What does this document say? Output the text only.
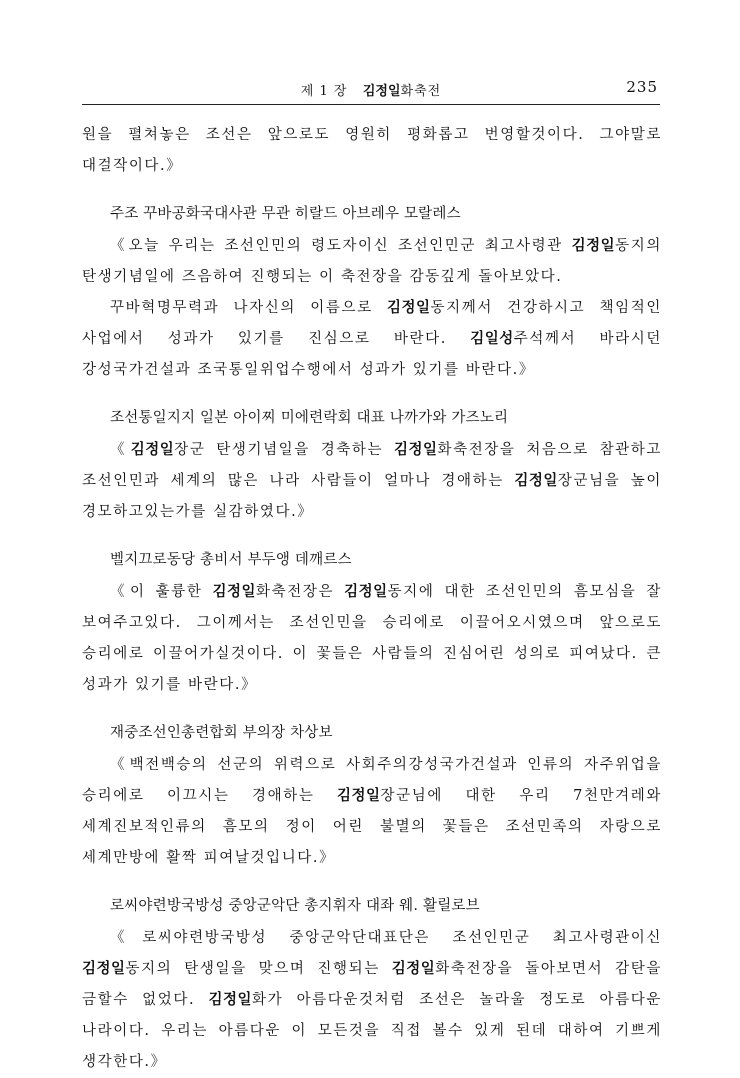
제 1 장 김정일화축전	235

원을 펼쳐놓은 조선은 앞으로도 영원히 평화롭고 번영할것이다. 그야말로 대걸작이다.》

주조 꾸바공화국대사관 무관 히랄드 아브레우 모랄레스

《오늘 우리는 조선인민의 령도자이신 조선인민군 최고사령관 김정일동지의 탄생기념일에 즈음하여 진행되는 이 축전장을 감동깊게 돌아보았다.

꾸바혁명무력과 나자신의 이름으로 김정일동지께서 건강하시고 책임적인 사업에서 성과가 있기를 진심으로 바란다. 김일성주석께서 바라시던 강성국가건설과 조국통일위업수행에서 성과가 있기를 바란다.》

조선통일지지 일본 아이찌 미에련락회 대표 나까가와 가즈노리

《김정일장군 탄생기념일을 경축하는 김정일화축전장을 처음으로 참관하고 조선인민과 세계의 많은 나라 사람들이 얼마나 경애하는 김정일장군님을 높이 경모하고있는가를 실감하였다.》

벨지끄로동당 총비서 부두앵 데깨르스

《이 훌륭한 김정일화축전장은 김정일동지에 대한 조선인민의 흠모심을 잘 보여주고있다. 그이께서는 조선인민을 승리에로 이끌어오시였으며 앞으로도 승리에로 이끌어가실것이다. 이 꽃들은 사람들의 진심어린 성의로 피여났다. 큰 성과가 있기를 바란다.》

재중조선인총련합회 부의장 차상보

《백전백승의 선군의 위력으로 사회주의강성국가건설과 인류의 자주위업을 승리에로 이끄시는 경애하는 김정일장군님에 대한 우리 7천만겨레와 세계진보적인류의 흠모의 정이 어린 불멸의 꽃들은 조선민족의 자랑으로 세계만방에 활짝 피여날것입니다.》

로씨야련방국방성 중앙군악단 총지휘자 대좌 웨. 활릴로브

《로씨야련방국방성 중앙군악단대표단은 조선인민군 최고사령관이신 김정일동지의 탄생일을 맞으며 진행되는 김정일화축전장을 돌아보면서 감탄을 금할수 없었다. 김정일화가 아름다운것처럼 조선은 놀라울 정도로 아름다운 나라이다. 우리는 아름다운 이 모든것을 직접 볼수 있게 된데 대하여 기쁘게 생각한다.》
